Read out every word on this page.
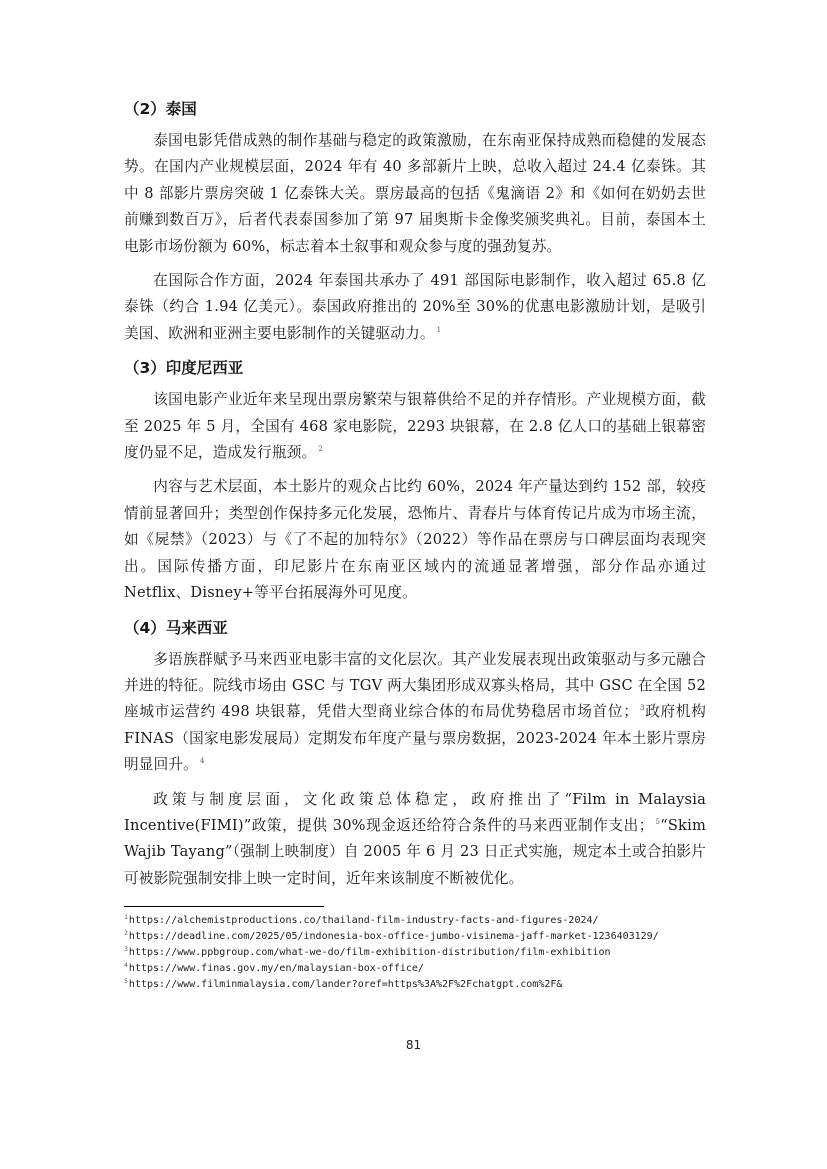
（2）泰国

泰国电影凭借成熟的制作基础与稳定的政策激励，在东南亚保持成熟而稳健的发展态势。在国内产业规模层面，2024 年有 40 多部新片上映，总收入超过 24.4 亿泰铢。其中 8 部影片票房突破 1 亿泰铢大关。票房最高的包括《鬼滴语 2》和《如何在奶奶去世前赚到数百万》，后者代表泰国参加了第 97 届奥斯卡金像奖颁奖典礼。目前，泰国本土电影市场份额为 60%，标志着本土叙事和观众参与度的强劲复苏。

在国际合作方面，2024 年泰国共承办了 491 部国际电影制作，收入超过 65.8 亿泰铢（约合 1.94 亿美元）。泰国政府推出的 20%至 30%的优惠电影激励计划，是吸引美国、欧洲和亚洲主要电影制作的关键驱动力。 $^1$

（3）印度尼西亚

该国电影产业近年来呈现出票房繁荣与银幕供给不足的并存情形。产业规模方面，截至 2025 年 5 月，全国有 468 家电影院，2293 块银幕，在 2.8 亿人口的基础上银幕密度仍显不足，造成发行瓶颈。 $^2$

内容与艺术层面，本土影片的观众占比约 60%，2024 年产量达到约 152 部，较疫情前显著回升；类型创作保持多元化发展，恐怖片、青春片与体育传记片成为市场主流，如《屍禁》（2023）与《了不起的加特尔》（2022）等作品在票房与口碑层面均表现突出。国际传播方面，印尼影片在东南亚区域内的流通显著增强，部分作品亦通过 Netflix、Disney+等平台拓展海外可见度。

（4）马来西亚

多语族群赋予马来西亚电影丰富的文化层次。其产业发展表现出政策驱动与多元融合并进的特征。院线市场由 GSC 与 TGV 两大集团形成双寡头格局，其中 GSC 在全国 52 座城市运营约 498 块银幕，凭借大型商业综合体的布局优势稳居市场首位； $^3$政府机构 FINAS（国家电影发展局）定期发布年度产量与票房数据，2023-2024 年本土影片票房明显回升。 $^4$

政策与制度层面，文化政策总体稳定，政府推出了“Film in Malaysia Incentive(FIMI)”政策，提供 30%现金返还给符合条件的马来西亚制作支出； $^5$“Skim Wajib Tayang”（强制上映制度）自 2005 年 6 月 23 日正式实施，规定本土或合拍影片可被影院强制安排上映一定时间，近年来该制度不断被优化。

$^1$https://alchemistproductions.co/thailand-film-industry-facts-and-figures-2024/
$^2$https://deadline.com/2025/05/indonesia-box-office-jumbo-visinema-jaff-market-1236403129/
$^3$https://www.ppbgroup.com/what-we-do/film-exhibition-distribution/film-exhibition
$^4$https://www.finas.gov.my/en/malaysian-box-office/
$^5$https://www.filminmalaysia.com/lander?oref=https%3A%2F%2Fchatgpt.com%2F&
81
